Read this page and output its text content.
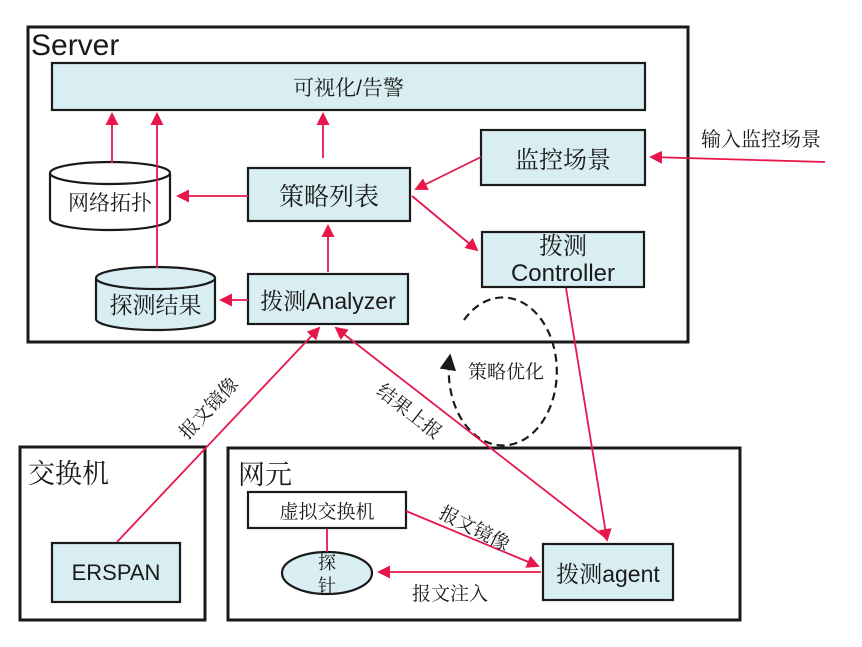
Server
交换机	网元
可视化/告警
网络拓扑
探测结果
策略列表
监控场景
拨测
Controller
拨测Analyzer
拨测agent
ERSPAN
虚拟交换机
探
针
输入监控场景
策略优化
报文注入
报文镜像	结果上报
报文镜像
